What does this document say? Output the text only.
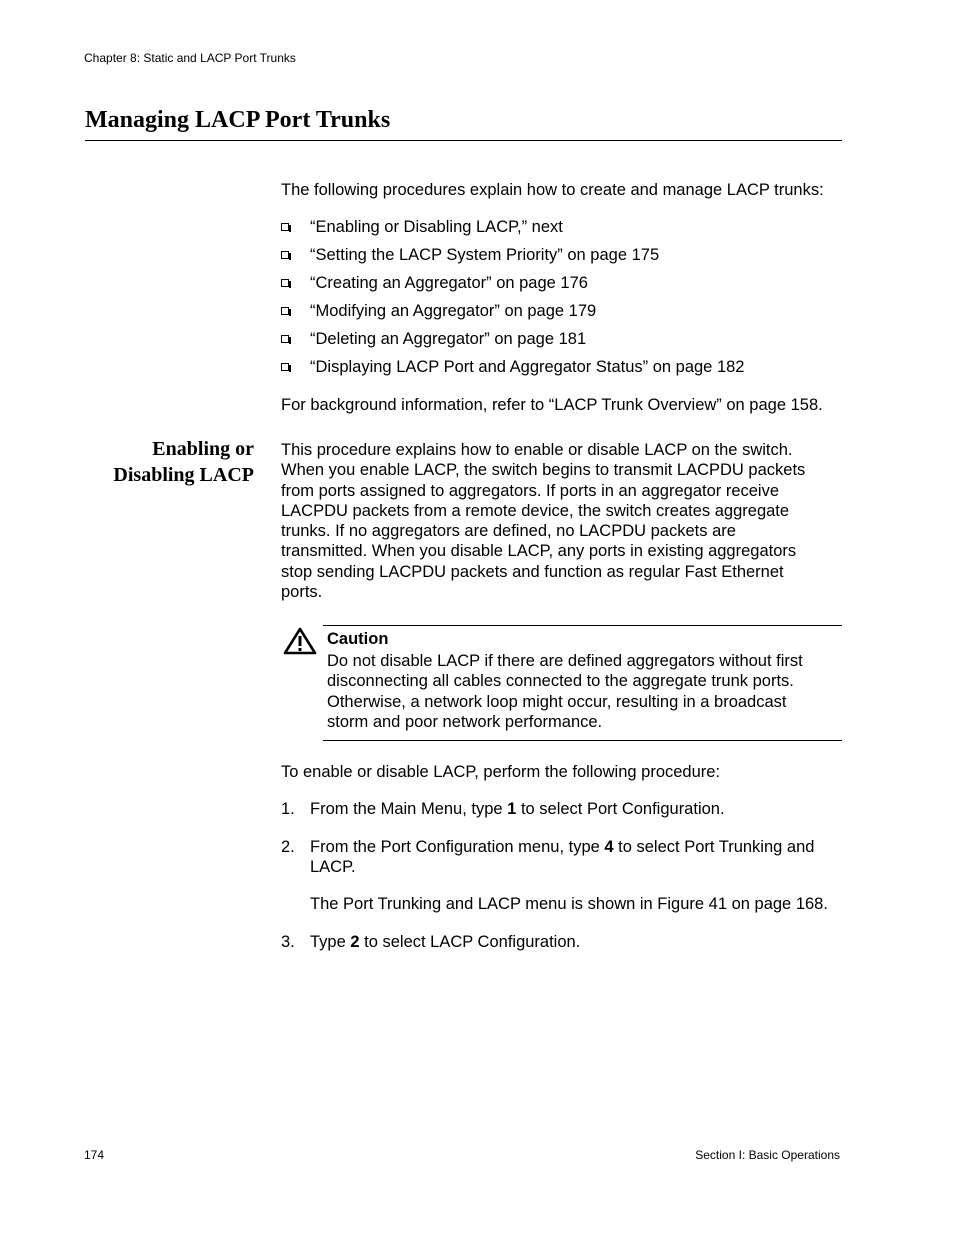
Chapter 8: Static and LACP Port Trunks
Managing LACP Port Trunks
The following procedures explain how to create and manage LACP trunks:
“Enabling or Disabling LACP,” next
“Setting the LACP System Priority” on page 175
“Creating an Aggregator” on page 176
“Modifying an Aggregator” on page 179
“Deleting an Aggregator” on page 181
“Displaying LACP Port and Aggregator Status” on page 182
For background information, refer to “LACP Trunk Overview” on page 158.
Enabling or
Disabling LACP
This procedure explains how to enable or disable LACP on the switch.
When you enable LACP, the switch begins to transmit LACPDU packets
from ports assigned to aggregators. If ports in an aggregator receive
LACPDU packets from a remote device, the switch creates aggregate
trunks. If no aggregators are defined, no LACPDU packets are
transmitted. When you disable LACP, any ports in existing aggregators
stop sending LACPDU packets and function as regular Fast Ethernet
ports.
Caution
Do not disable LACP if there are defined aggregators without first
disconnecting all cables connected to the aggregate trunk ports.
Otherwise, a network loop might occur, resulting in a broadcast
storm and poor network performance.
To enable or disable LACP, perform the following procedure:
1. From the Main Menu, type 1 to select Port Configuration.
2. From the Port Configuration menu, type 4 to select Port Trunking and
LACP.
The Port Trunking and LACP menu is shown in Figure 41 on page 168.
3. Type 2 to select LACP Configuration.
174	Section I: Basic Operations
